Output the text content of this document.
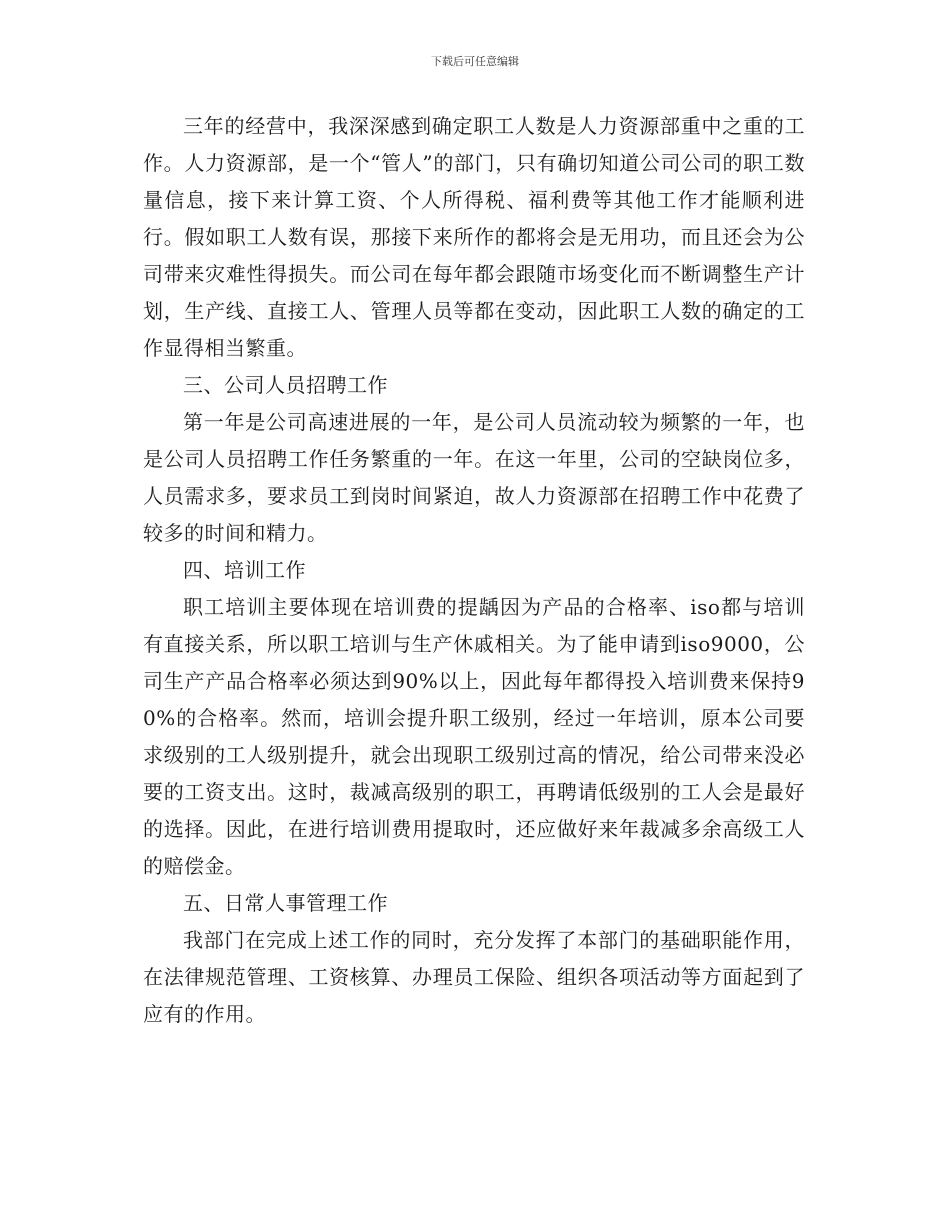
下载后可任意编辑

三年的经营中，我深深感到确定职工人数是人力资源部重中之重的工作。人力资源部，是一个“管人”的部门，只有确切知道公司公司的职工数量信息，接下来计算工资、个人所得税、福利费等其他工作才能顺利进行。假如职工人数有误，那接下来所作的都将会是无用功，而且还会为公司带来灾难性得损失。而公司在每年都会跟随市场变化而不断调整生产计划，生产线、直接工人、管理人员等都在变动，因此职工人数的确定的工作显得相当繁重。

三、公司人员招聘工作

第一年是公司高速进展的一年，是公司人员流动较为频繁的一年，也是公司人员招聘工作任务繁重的一年。在这一年里，公司的空缺岗位多，人员需求多，要求员工到岗时间紧迫，故人力资源部在招聘工作中花费了较多的时间和精力。

四、培训工作

职工培训主要体现在培训费的提龋因为产品的合格率、iso都与培训有直接关系，所以职工培训与生产休戚相关。为了能申请到iso9000，公司生产产品合格率必须达到90%以上，因此每年都得投入培训费来保持90%的合格率。然而，培训会提升职工级别，经过一年培训，原本公司要求级别的工人级别提升，就会出现职工级别过高的情况，给公司带来没必要的工资支出。这时，裁减高级别的职工，再聘请低级别的工人会是最好的选择。因此，在进行培训费用提取时，还应做好来年裁减多余高级工人的赔偿金。

五、日常人事管理工作

我部门在完成上述工作的同时，充分发挥了本部门的基础职能作用，在法律规范管理、工资核算、办理员工保险、组织各项活动等方面起到了应有的作用。
